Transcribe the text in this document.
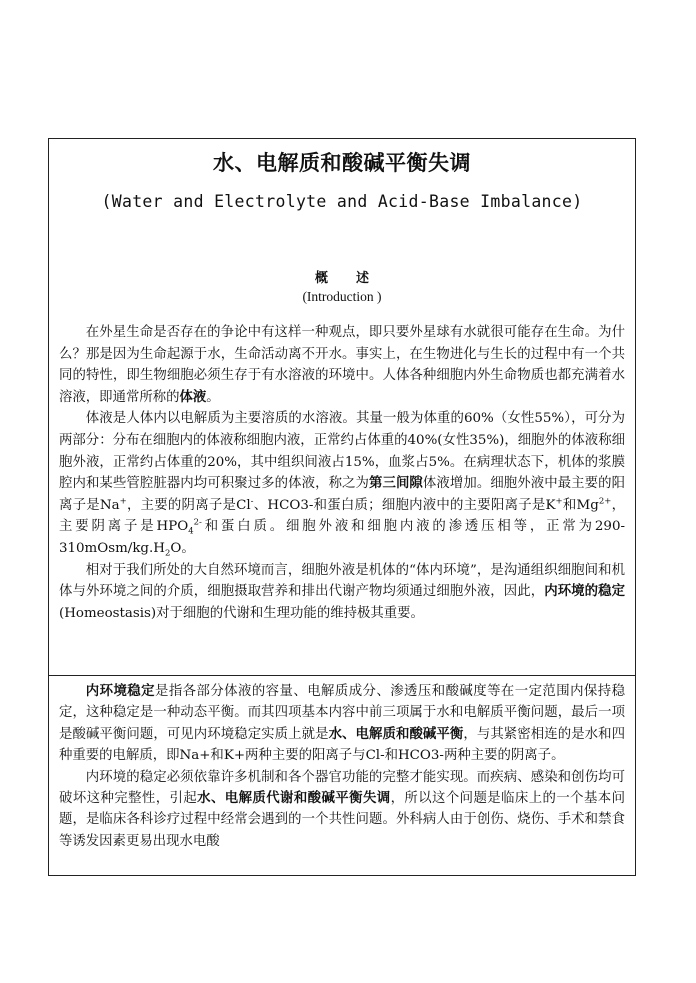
水、电解质和酸碱平衡失调
(Water and Electrolyte and Acid-Base Imbalance)
概 述
(Introduction )

在外星生命是否存在的争论中有这样一种观点，即只要外星球有水就很可能存在生命。为什么？那是因为生命起源于水，生命活动离不开水。事实上，在生物进化与生长的过程中有一个共同的特性，即生物细胞必须生存于有水溶液的环境中。人体各种细胞内外生命物质也都充满着水溶液，即通常所称的体液。

体液是人体内以电解质为主要溶质的水溶液。其量一般为体重的60%（女性55%），可分为两部分：分布在细胞内的体液称细胞内液，正常约占体重的40%(女性35%)，细胞外的体液称细胞外液，正常约占体重的20%，其中组织间液占15%，血浆占5%。在病理状态下，机体的浆膜腔内和某些管腔脏器内均可积聚过多的体液，称之为第三间隙体液增加。细胞外液中最主要的阳离子是Na+，主要的阴离子是Cl-、HCO3-和蛋白质；细胞内液中的主要阳离子是K+和$Mg^{2+}$，主要阴离子是$HPO_4^{2-}$和蛋白质。细胞外液和细胞内液的渗透压相等，正常为$290-310mOsm/kg.H_2O$。

相对于我们所处的大自然环境而言，细胞外液是机体的“体内环境”，是沟通组织细胞间和机体与外环境之间的介质，细胞摄取营养和排出代谢产物均须通过细胞外液，因此，内环境的稳定(Homeostasis)对于细胞的代谢和生理功能的维持极其重要。

内环境稳定是指各部分体液的容量、电解质成分、渗透压和酸碱度等在一定范围内保持稳定，这种稳定是一种动态平衡。而其四项基本内容中前三项属于水和电解质平衡问题，最后一项是酸碱平衡问题，可见内环境稳定实质上就是水、电解质和酸碱平衡，与其紧密相连的是水和四种重要的电解质，即Na+和K+两种主要的阳离子与Cl-和HCO3-两种主要的阴离子。

内环境的稳定必须依靠许多机制和各个器官功能的完整才能实现。而疾病、感染和创伤均可破坏这种完整性，引起水、电解质代谢和酸碱平衡失调，所以这个问题是临床上的一个基本问题，是临床各科诊疗过程中经常会遇到的一个共性问题。外科病人由于创伤、烧伤、手术和禁食等诱发因素更易出现水电酸
